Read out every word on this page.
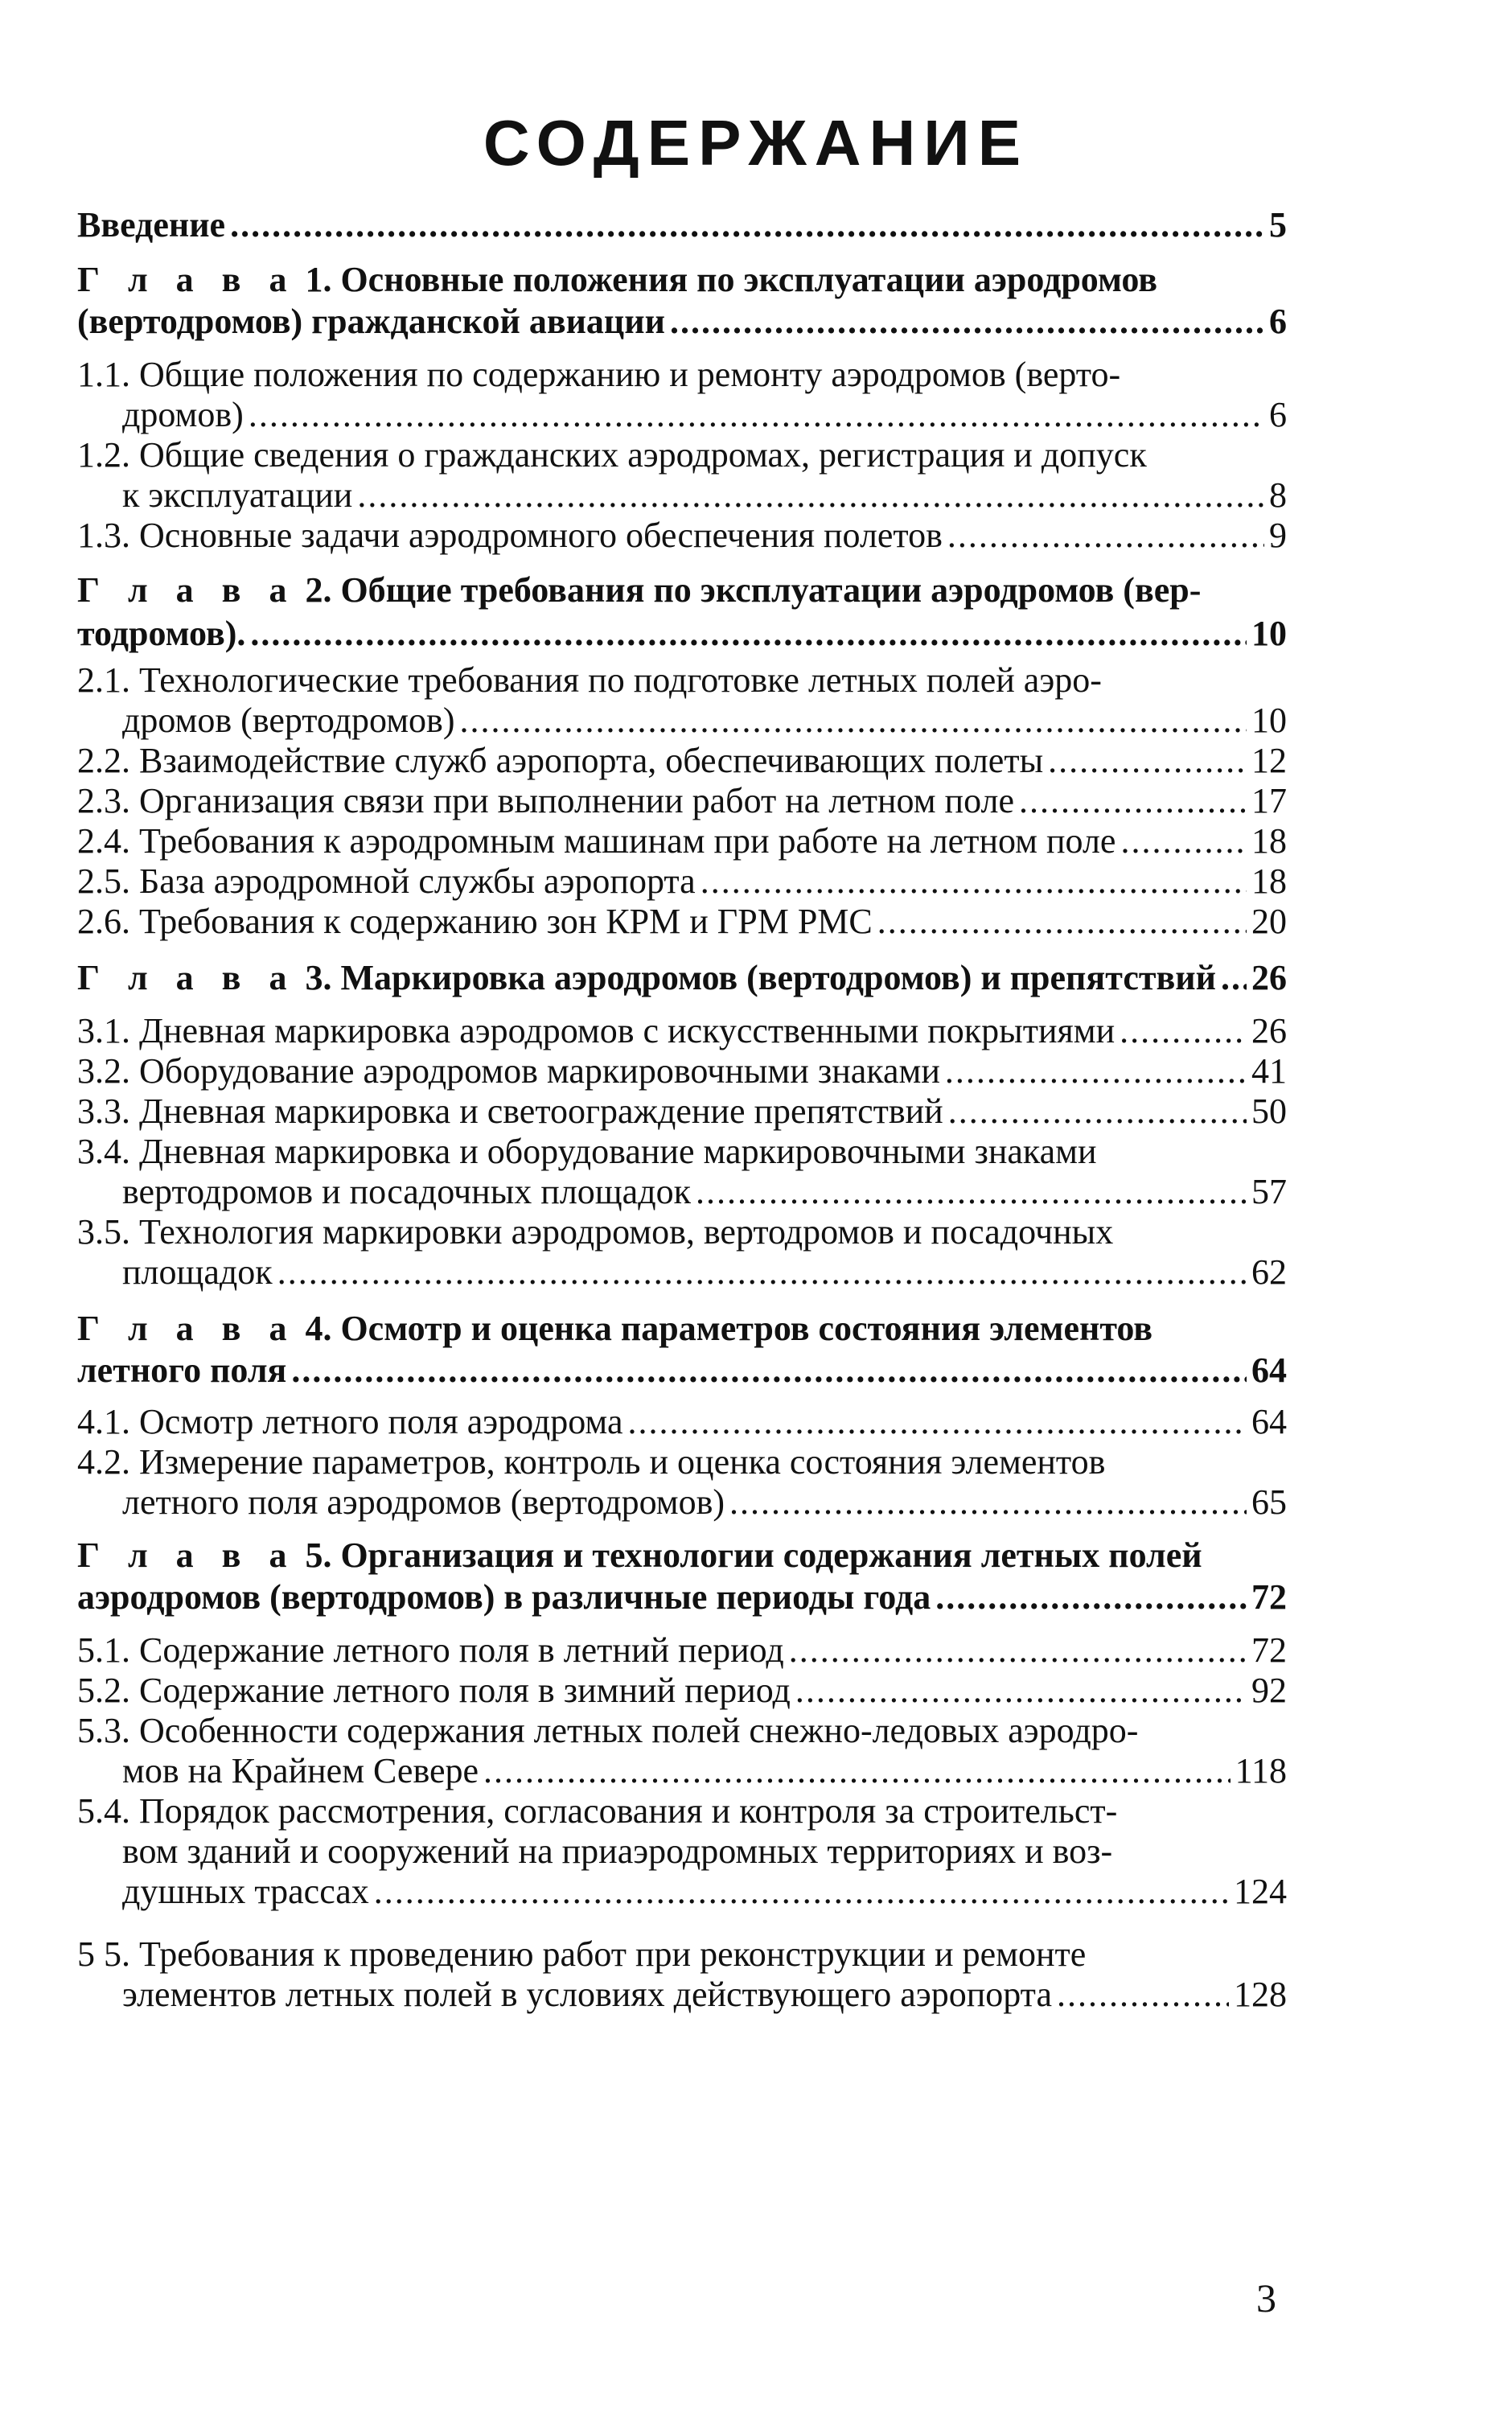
СОДЕРЖАНИЕ
Введение .....	5
Г л а в а 1. Основные положения по эксплуатации аэродромов
(вертодромов) гражданской авиации .....	6
1.1. Общие положения по содержанию и ремонту аэродромов (верто-
дромов) .....	6
1.2. Общие сведения о гражданских аэродромах, регистрация и допуск
к эксплуатации .....	8
1.3. Основные задачи аэродромного обеспечения полетов .....	9
Г л а в а 2. Общие требования по эксплуатации аэродромов (вер-
тодромов). .....	10
2.1. Технологические требования по подготовке летных полей аэро-
дромов (вертодромов) .....	10
2.2. Взаимодействие служб аэропорта, обеспечивающих полеты .....	12
2.3. Организация связи при выполнении работ на летном поле .....	17
2.4. Требования к аэродромным машинам при работе на летном поле .....	18
2.5. База аэродромной службы аэропорта .....	18
2.6. Требования к содержанию зон КРМ и ГРМ РМС .....	20
Г л а в а 3. Маркировка аэродромов (вертодромов) и препятствий ..... 26
3.1. Дневная маркировка аэродромов с искусственными покрытиями .....	26
3.2. Оборудование аэродромов маркировочными знаками .....	41
3.3. Дневная маркировка и светоограждение препятствий .....	50
3.4. Дневная маркировка и оборудование маркировочными знаками
вертодромов и посадочных площадок .....	57
3.5. Технология маркировки аэродромов, вертодромов и посадочных
площадок .....	62
Г л а в а 4. Осмотр и оценка параметров состояния элементов
летного поля .....	64
4.1. Осмотр летного поля аэродрома .....	64
4.2. Измерение параметров, контроль и оценка состояния элементов
летного поля аэродромов (вертодромов) .....	65
Г л а в а 5. Организация и технологии содержания летных полей
аэродромов (вертодромов) в различные периоды года .....	72
5.1. Содержание летного поля в летний период .....	72
5.2. Содержание летного поля в зимний период .....	92
5.3. Особенности содержания летных полей снежно-ледовых аэродро-
мов на Крайнем Севере .....	118
5.4. Порядок рассмотрения, согласования и контроля за строительст-
вом зданий и сооружений на приаэродромных территориях и воз-
душных трассах .....	124
5 5. Требования к проведению работ при реконструкции и ремонте
элементов летных полей в условиях действующего аэропорта .....	128
3
